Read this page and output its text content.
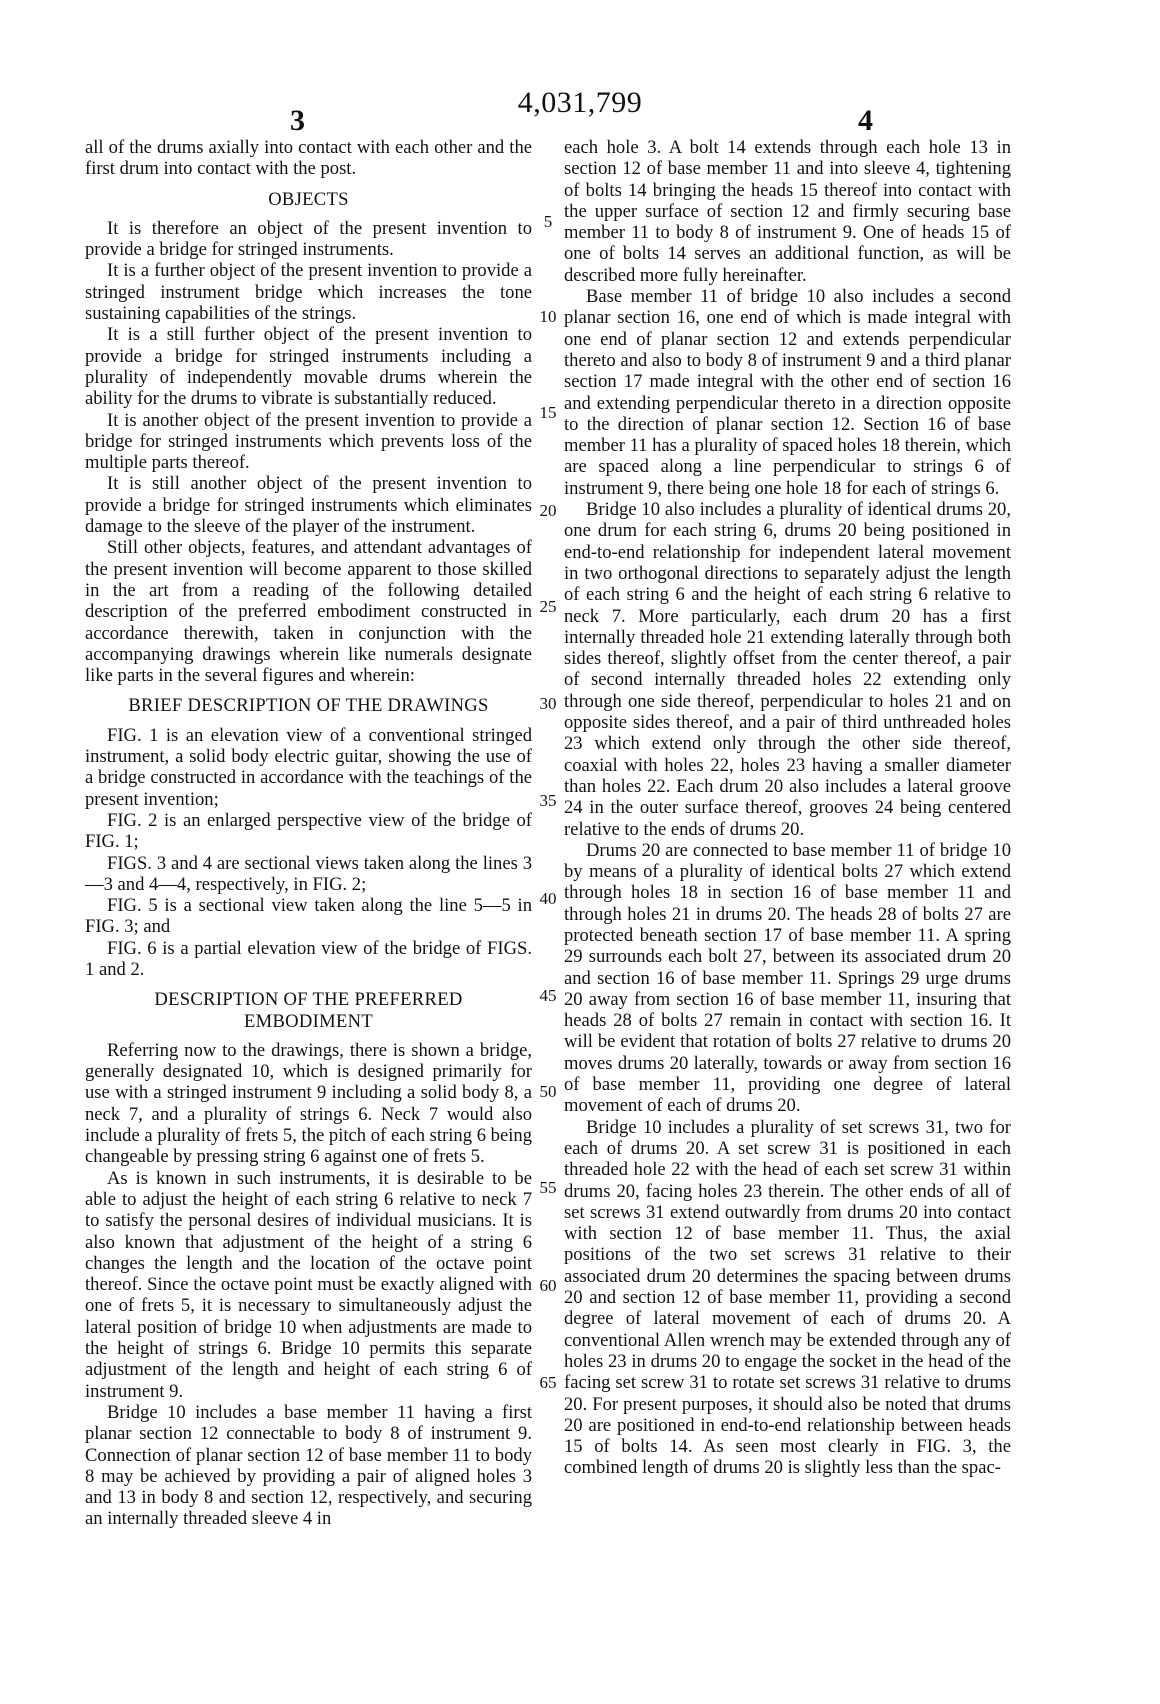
4,031,799
3	4

all of the drums axially into contact with each other and the first drum into contact with the post.

OBJECTS

It is therefore an object of the present invention to provide a bridge for stringed instruments.

It is a further object of the present invention to provide a stringed instrument bridge which increases the tone sustaining capabilities of the strings.

It is a still further object of the present invention to provide a bridge for stringed instruments including a plurality of independently movable drums wherein the ability for the drums to vibrate is substantially reduced.

It is another object of the present invention to provide a bridge for stringed instruments which prevents loss of the multiple parts thereof.

It is still another object of the present invention to provide a bridge for stringed instruments which eliminates damage to the sleeve of the player of the instrument.

Still other objects, features, and attendant advantages of the present invention will become apparent to those skilled in the art from a reading of the following detailed description of the preferred embodiment constructed in accordance therewith, taken in conjunction with the accompanying drawings wherein like numerals designate like parts in the several figures and wherein:

BRIEF DESCRIPTION OF THE DRAWINGS

FIG. 1 is an elevation view of a conventional stringed instrument, a solid body electric guitar, showing the use of a bridge constructed in accordance with the teachings of the present invention;

FIG. 2 is an enlarged perspective view of the bridge of FIG. 1;

FIGS. 3 and 4 are sectional views taken along the lines 3—3 and 4—4, respectively, in FIG. 2;

FIG. 5 is a sectional view taken along the line 5—5 in FIG. 3; and

FIG. 6 is a partial elevation view of the bridge of FIGS. 1 and 2.

DESCRIPTION OF THE PREFERRED
EMBODIMENT

Referring now to the drawings, there is shown a bridge, generally designated 10, which is designed primarily for use with a stringed instrument 9 including a solid body 8, a neck 7, and a plurality of strings 6. Neck 7 would also include a plurality of frets 5, the pitch of each string 6 being changeable by pressing string 6 against one of frets 5.

As is known in such instruments, it is desirable to be able to adjust the height of each string 6 relative to neck 7 to satisfy the personal desires of individual musicians. It is also known that adjustment of the height of a string 6 changes the length and the location of the octave point thereof. Since the octave point must be exactly aligned with one of frets 5, it is necessary to simultaneously adjust the lateral position of bridge 10 when adjustments are made to the height of strings 6. Bridge 10 permits this separate adjustment of the length and height of each string 6 of instrument 9.

Bridge 10 includes a base member 11 having a first planar section 12 connectable to body 8 of instrument 9. Connection of planar section 12 of base member 11 to body 8 may be achieved by providing a pair of aligned holes 3 and 13 in body 8 and section 12, respectively, and securing an internally threaded sleeve 4 in

5
10
15
20
25
30
35
40
45
50
55
60
65

each hole 3. A bolt 14 extends through each hole 13 in section 12 of base member 11 and into sleeve 4, tightening of bolts 14 bringing the heads 15 thereof into contact with the upper surface of section 12 and firmly securing base member 11 to body 8 of instrument 9. One of heads 15 of one of bolts 14 serves an additional function, as will be described more fully hereinafter.

Base member 11 of bridge 10 also includes a second planar section 16, one end of which is made integral with one end of planar section 12 and extends perpendicular thereto and also to body 8 of instrument 9 and a third planar section 17 made integral with the other end of section 16 and extending perpendicular thereto in a direction opposite to the direction of planar section 12. Section 16 of base member 11 has a plurality of spaced holes 18 therein, which are spaced along a line perpendicular to strings 6 of instrument 9, there being one hole 18 for each of strings 6.

Bridge 10 also includes a plurality of identical drums 20, one drum for each string 6, drums 20 being positioned in end-to-end relationship for independent lateral movement in two orthogonal directions to separately adjust the length of each string 6 and the height of each string 6 relative to neck 7. More particularly, each drum 20 has a first internally threaded hole 21 extending laterally through both sides thereof, slightly offset from the center thereof, a pair of second internally threaded holes 22 extending only through one side thereof, perpendicular to holes 21 and on opposite sides thereof, and a pair of third unthreaded holes 23 which extend only through the other side thereof, coaxial with holes 22, holes 23 having a smaller diameter than holes 22. Each drum 20 also includes a lateral groove 24 in the outer surface thereof, grooves 24 being centered relative to the ends of drums 20.

Drums 20 are connected to base member 11 of bridge 10 by means of a plurality of identical bolts 27 which extend through holes 18 in section 16 of base member 11 and through holes 21 in drums 20. The heads 28 of bolts 27 are protected beneath section 17 of base member 11. A spring 29 surrounds each bolt 27, between its associated drum 20 and section 16 of base member 11. Springs 29 urge drums 20 away from section 16 of base member 11, insuring that heads 28 of bolts 27 remain in contact with section 16. It will be evident that rotation of bolts 27 relative to drums 20 moves drums 20 laterally, towards or away from section 16 of base member 11, providing one degree of lateral movement of each of drums 20.

Bridge 10 includes a plurality of set screws 31, two for each of drums 20. A set screw 31 is positioned in each threaded hole 22 with the head of each set screw 31 within drums 20, facing holes 23 therein. The other ends of all of set screws 31 extend outwardly from drums 20 into contact with section 12 of base member 11. Thus, the axial positions of the two set screws 31 relative to their associated drum 20 determines the spacing between drums 20 and section 12 of base member 11, providing a second degree of lateral movement of each of drums 20. A conventional Allen wrench may be extended through any of holes 23 in drums 20 to engage the socket in the head of the facing set screw 31 to rotate set screws 31 relative to drums 20. For present purposes, it should also be noted that drums 20 are positioned in end-to-end relationship between heads 15 of bolts 14. As seen most clearly in FIG. 3, the combined length of drums 20 is slightly less than the spac-
